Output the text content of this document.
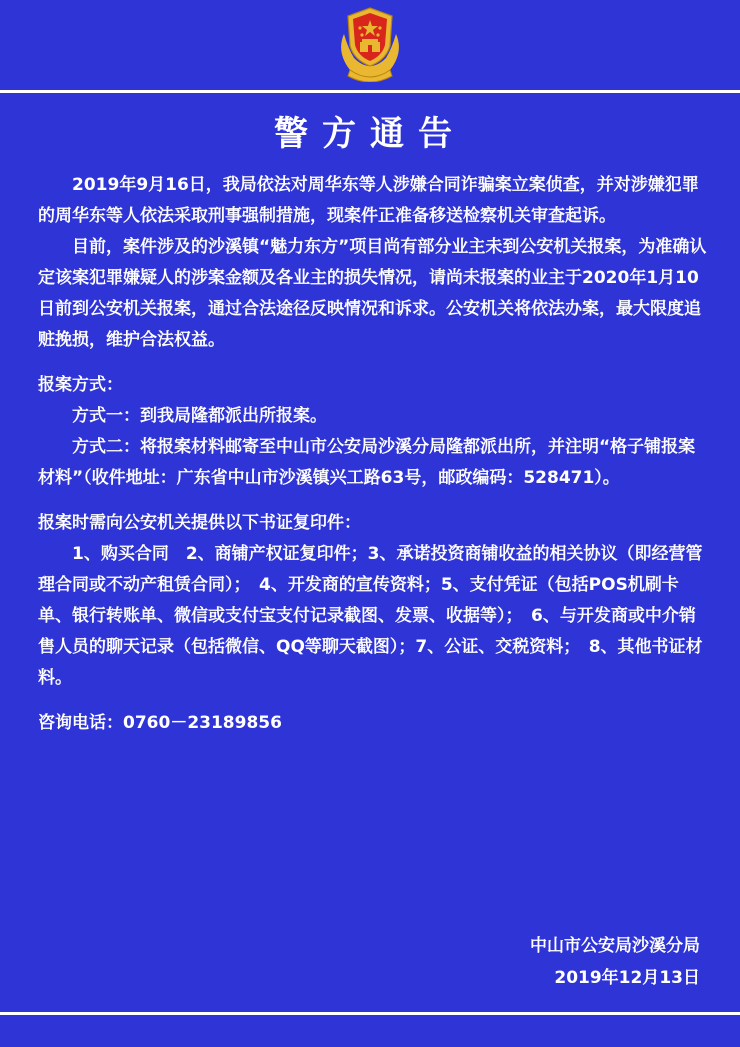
警方通告

2019年9月16日，我局依法对周华东等人涉嫌合同诈骗案立案侦查，并对涉嫌犯罪的周华东等人依法采取刑事强制措施，现案件正准备移送检察机关审查起诉。

目前，案件涉及的沙溪镇“魅力东方”项目尚有部分业主未到公安机关报案，为准确认定该案犯罪嫌疑人的涉案金额及各业主的损失情况，请尚未报案的业主于2020年1月10日前到公安机关报案，通过合法途径反映情况和诉求。公安机关将依法办案，最大限度追赃挽损，维护合法权益。

报案方式：

方式一：到我局隆都派出所报案。

方式二：将报案材料邮寄至中山市公安局沙溪分局隆都派出所，并注明“格子铺报案材料”（收件地址：广东省中山市沙溪镇兴工路63号，邮政编码：528471）。

报案时需向公安机关提供以下书证复印件：

1、购买合同　2、商铺产权证复印件；3、承诺投资商铺收益的相关协议（即经营管理合同或不动产租赁合同）；　4、开发商的宣传资料；5、支付凭证（包括POS机刷卡单、银行转账单、微信或支付宝支付记录截图、发票、收据等）；　6、与开发商或中介销售人员的聊天记录（包括微信、QQ等聊天截图）；7、公证、交税资料；　8、其他书证材料。

咨询电话：0760－23189856

中山市公安局沙溪分局
2019年12月13日
